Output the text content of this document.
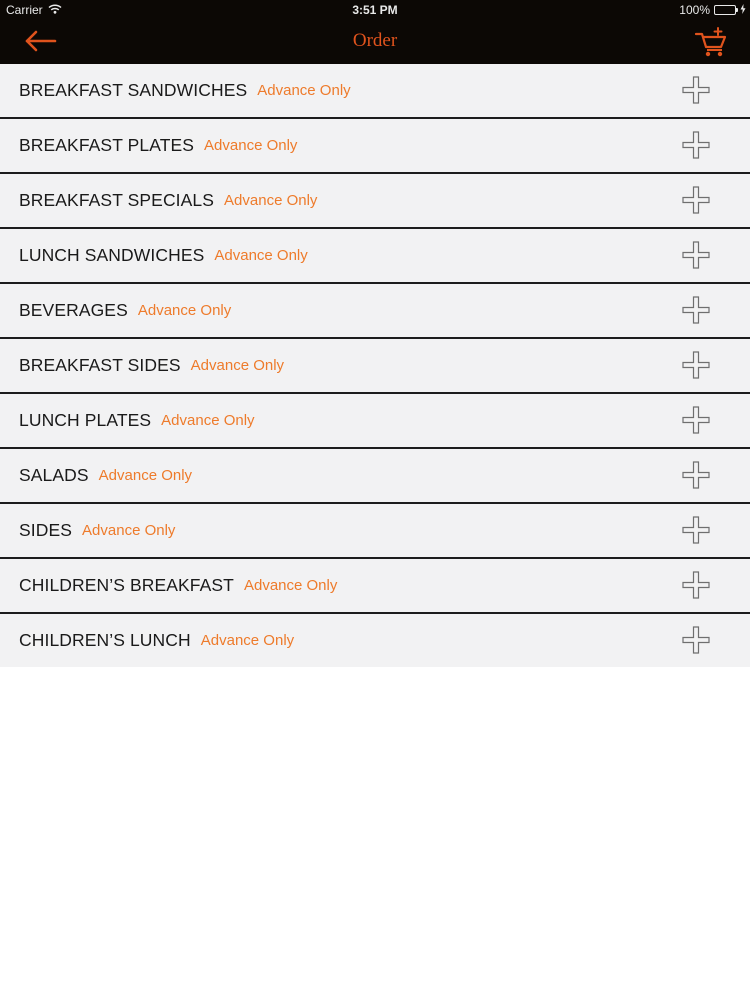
Carrier	3:51 PM	100%
Order
BREAKFAST SANDWICHES Advance Only
BREAKFAST PLATES Advance Only
BREAKFAST SPECIALS Advance Only
LUNCH SANDWICHES Advance Only
BEVERAGES Advance Only
BREAKFAST SIDES Advance Only
LUNCH PLATES Advance Only
SALADS Advance Only
SIDES Advance Only
CHILDREN’S BREAKFAST Advance Only
CHILDREN’S LUNCH Advance Only
